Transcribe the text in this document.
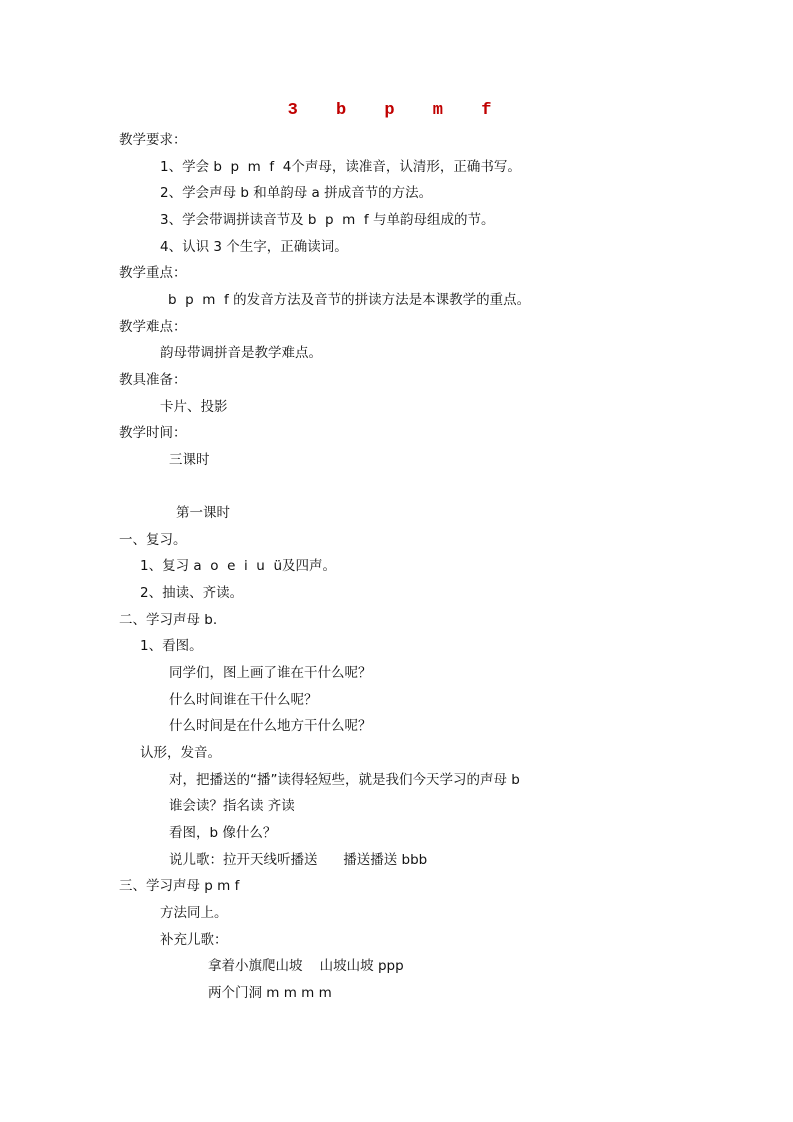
3 b p m f
教学要求：
1、学会 b  p  m  f  4个声母，读准音，认清形，正确书写。
2、学会声母 b 和单韵母 a 拼成音节的方法。
3、学会带调拼读音节及 b  p  m  f 与单韵母组成的节。
4、认识 3 个生字，正确读词。
教学重点：
b  p  m  f 的发音方法及音节的拼读方法是本课教学的重点。
教学难点：
韵母带调拼音是教学难点。
教具准备：
卡片、投影
教学时间：
三课时
第一课时
一、复习。
1、复习 a  o  e  i  u  ü及四声。
2、抽读、齐读。
二、学习声母 b.
1、看图。
同学们，图上画了谁在干什么呢？
什么时间谁在干什么呢？
什么时间是在什么地方干什么呢？
认形，发音。
对，把播送的“播”读得轻短些，就是我们今天学习的声母 b
谁会读？指名读 齐读
看图，b 像什么？
说儿歌：拉开天线听播送      播送播送 bbb
三、学习声母 p m f
方法同上。
补充儿歌：
拿着小旗爬山坡    山坡山坡 ppp
两个门洞 m m m m
